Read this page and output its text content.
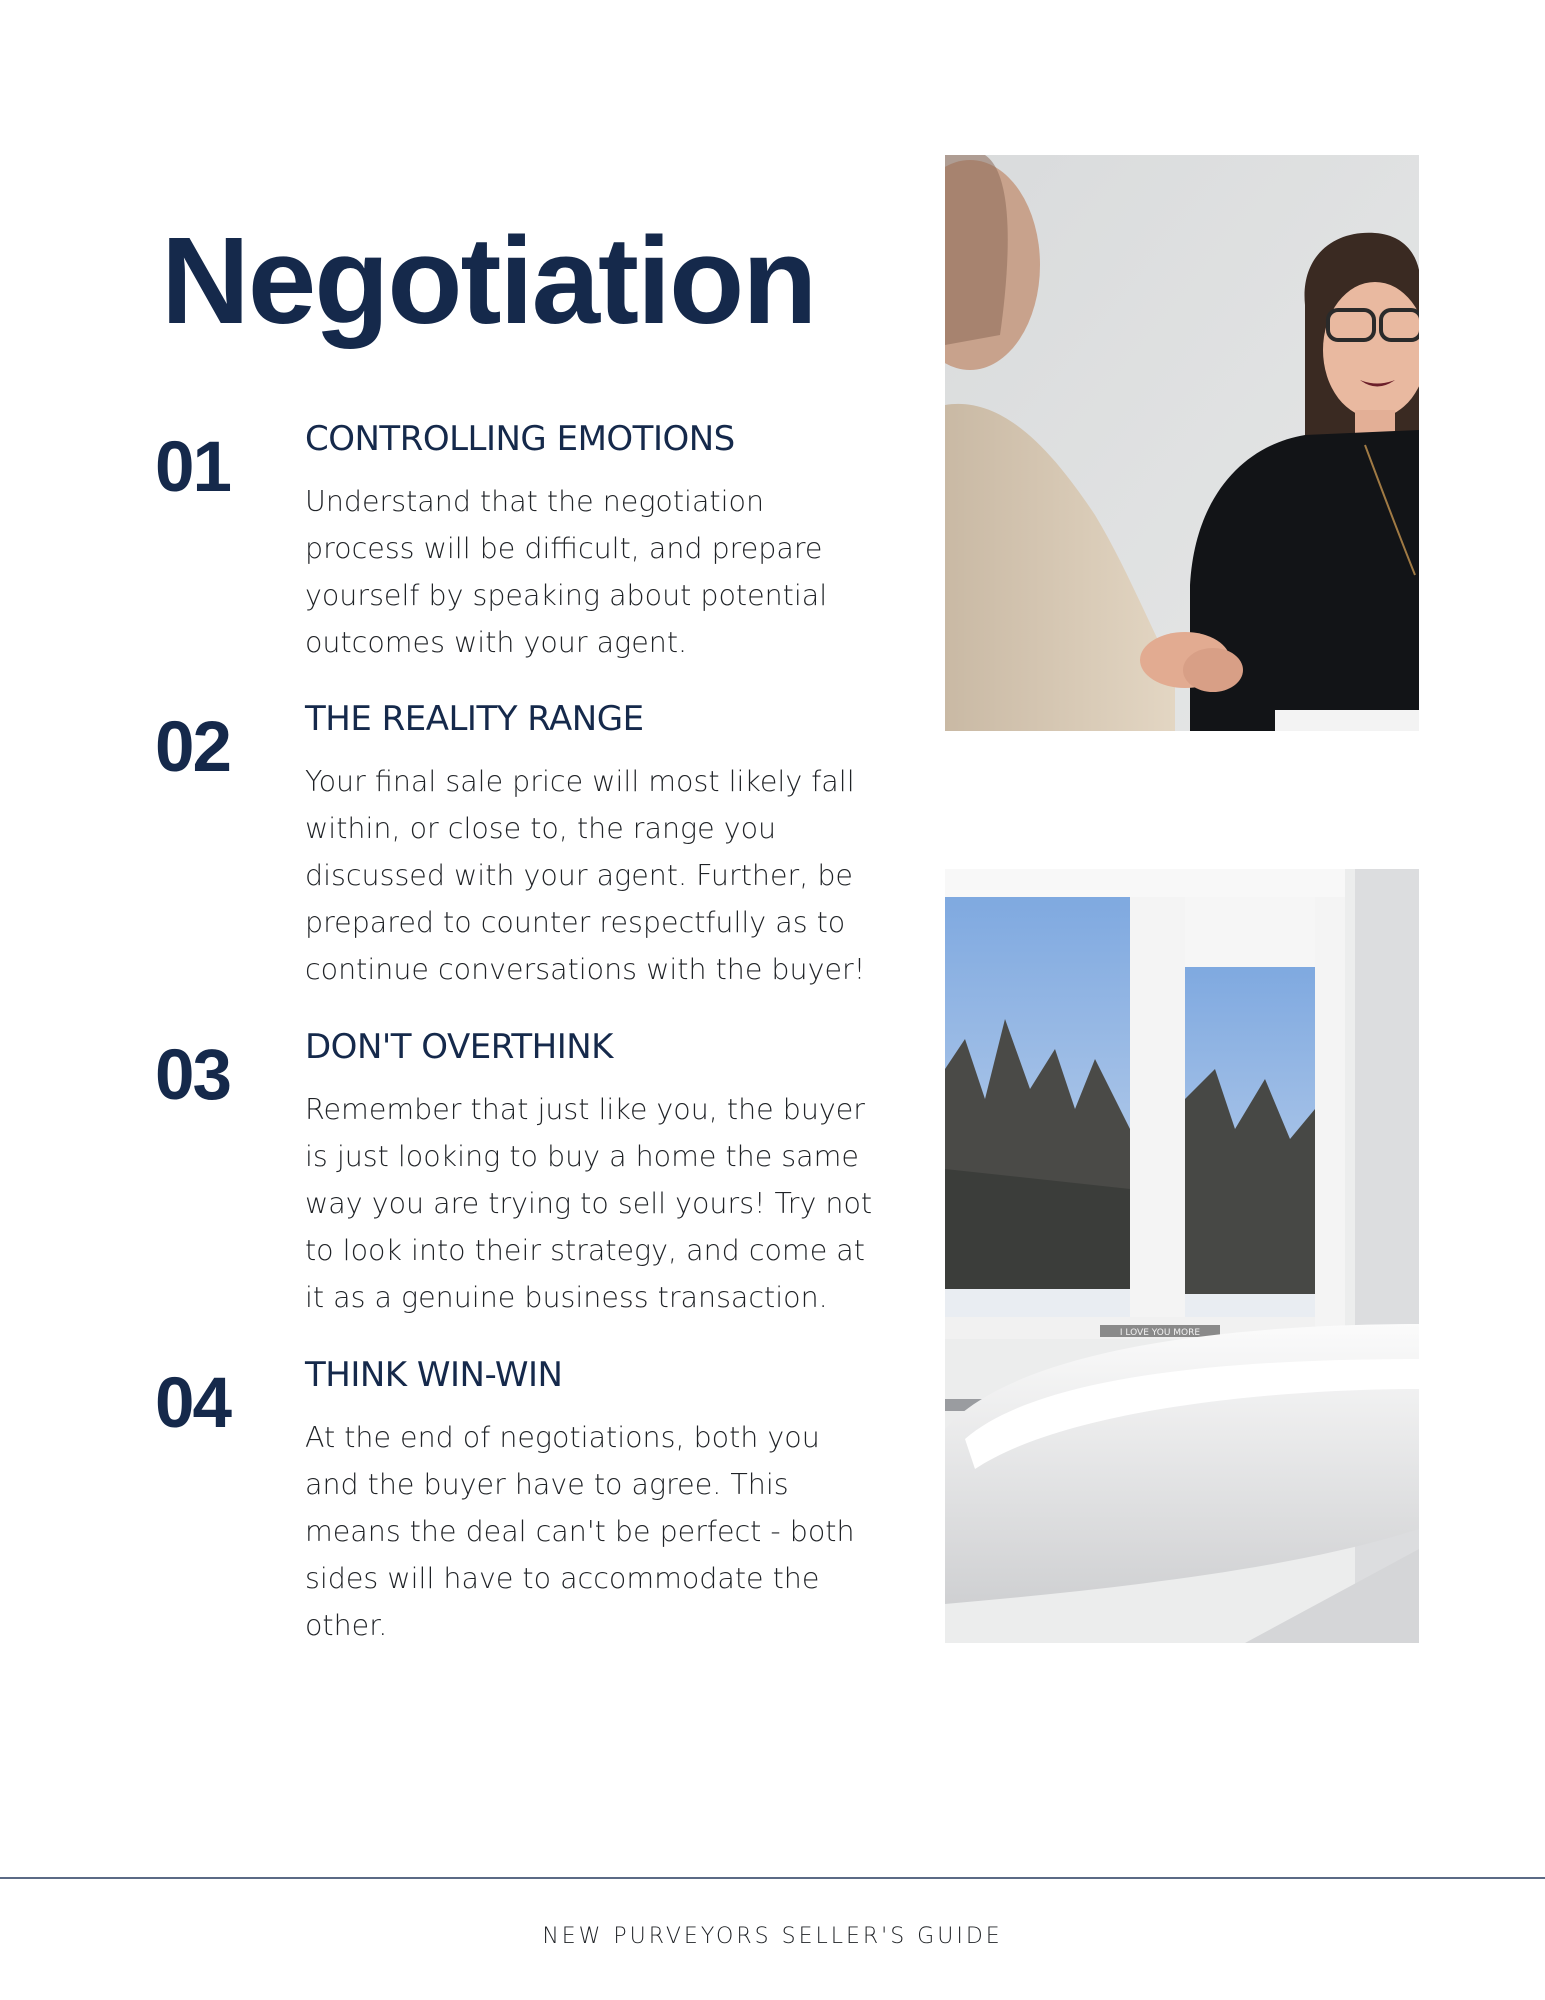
Negotiation
01 CONTROLLING EMOTIONS
Understand that the negotiation
process will be difficult, and prepare
yourself by speaking about potential
outcomes with your agent.
02 THE REALITY RANGE
Your final sale price will most likely fall
within, or close to, the range you
discussed with your agent. Further, be
prepared to counter respectfully as to
continue conversations with the buyer!
03 DON'T OVERTHINK
Remember that just like you, the buyer
is just looking to buy a home the same
way you are trying to sell yours! Try not
to look into their strategy, and come at
it as a genuine business transaction.
04 THINK WIN-WIN
At the end of negotiations, both you
and the buyer have to agree. This
means the deal can't be perfect - both
sides will have to accommodate the
other.
I LOVE YOU MORE
NEW PURVEYORS SELLER'S GUIDE
